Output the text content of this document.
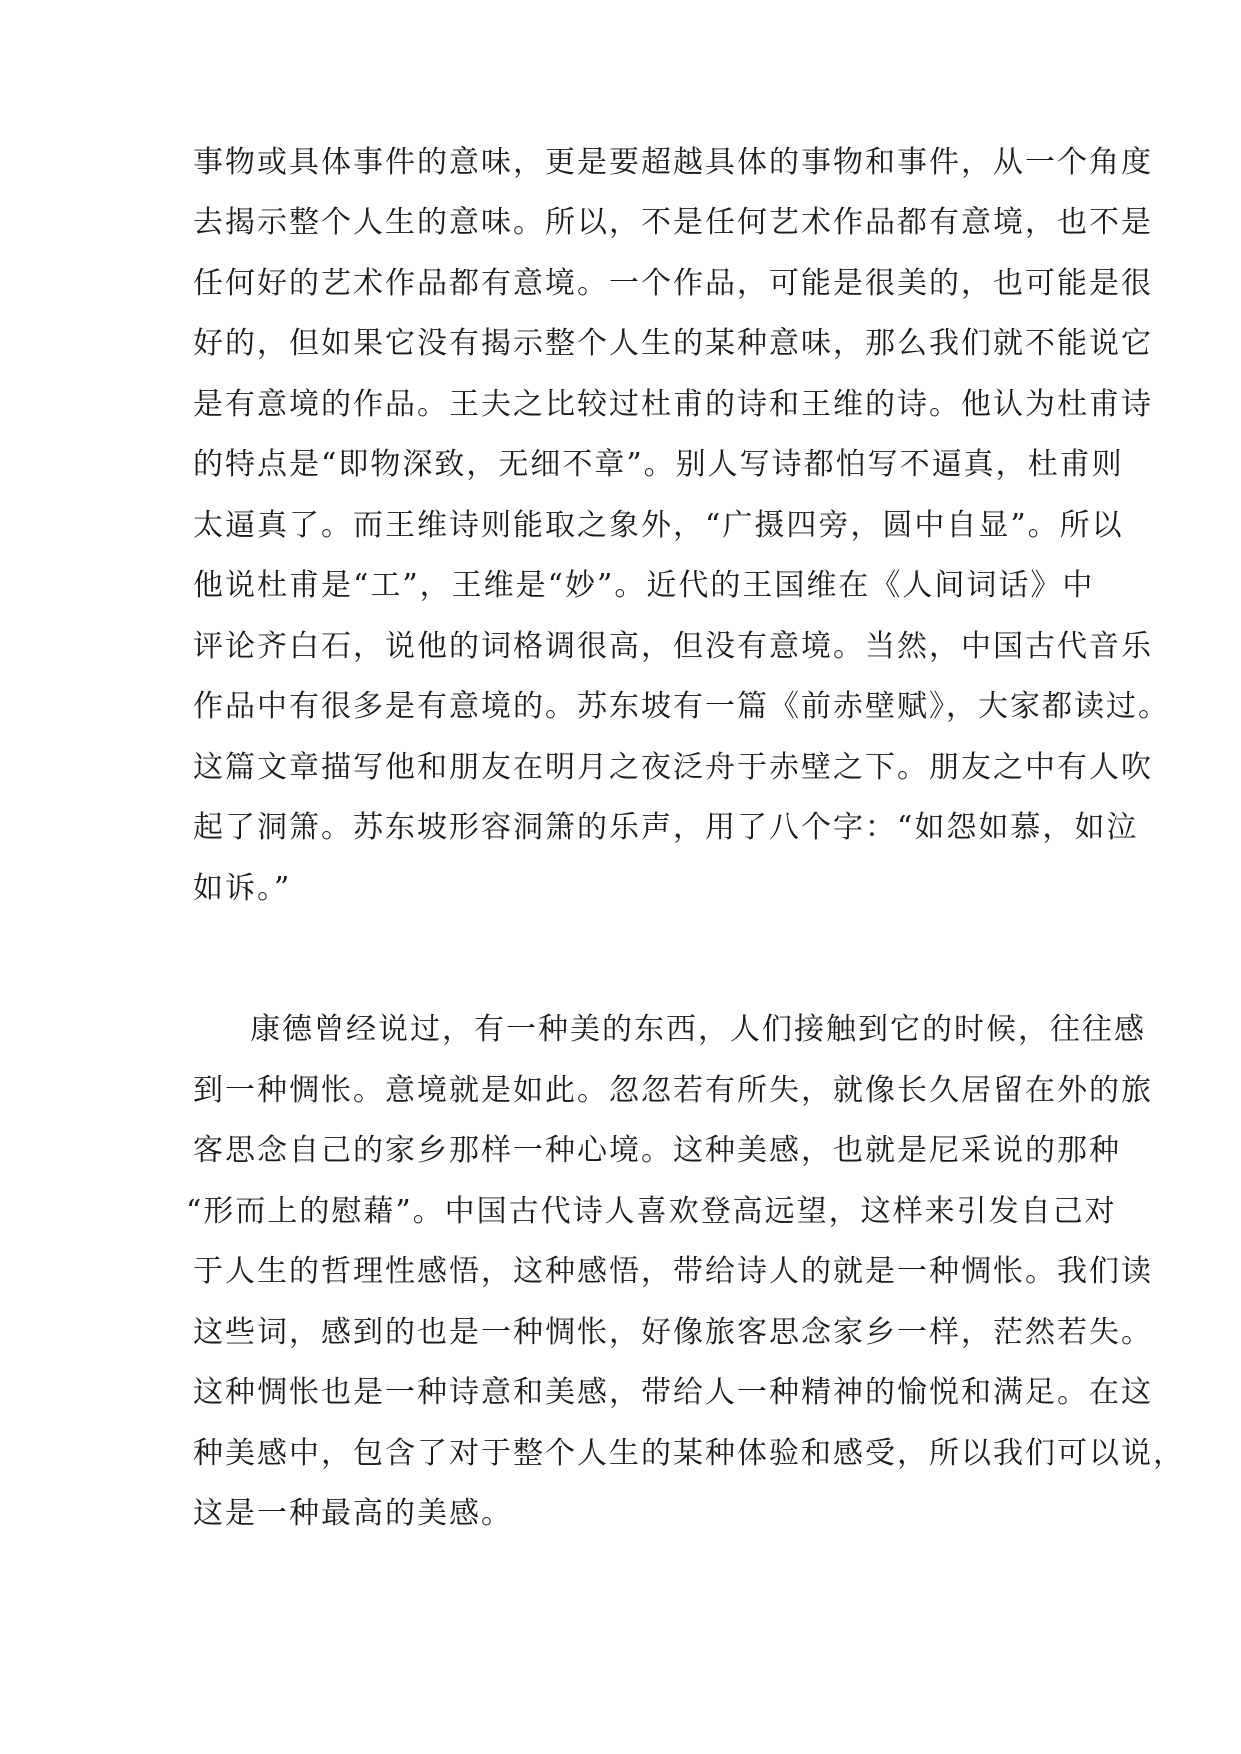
事物或具体事件的意味，更是要超越具体的事物和事件，从一个角度
去揭示整个人生的意味。所以，不是任何艺术作品都有意境，也不是
任何好的艺术作品都有意境。一个作品，可能是很美的，也可能是很
好的，但如果它没有揭示整个人生的某种意味，那么我们就不能说它
是有意境的作品。王夫之比较过杜甫的诗和王维的诗。他认为杜甫诗
的特点是“即物深致，无细不章”。别人写诗都怕写不逼真，杜甫则
太逼真了。而王维诗则能取之象外，“广摄四旁，圆中自显”。所以
他说杜甫是“工”，王维是“妙”。近代的王国维在《人间词话》中
评论齐白石，说他的词格调很高，但没有意境。当然，中国古代音乐
作品中有很多是有意境的。苏东坡有一篇《前赤壁赋》，大家都读过。
这篇文章描写他和朋友在明月之夜泛舟于赤壁之下。朋友之中有人吹
起了洞箫。苏东坡形容洞箫的乐声，用了八个字：“如怨如慕，如泣
如诉。”
康德曾经说过，有一种美的东西，人们接触到它的时候，往往感
到一种惆怅。意境就是如此。忽忽若有所失，就像长久居留在外的旅
客思念自己的家乡那样一种心境。这种美感，也就是尼采说的那种
“形而上的慰藉”。中国古代诗人喜欢登高远望，这样来引发自己对
于人生的哲理性感悟，这种感悟，带给诗人的就是一种惆怅。我们读
这些词，感到的也是一种惆怅，好像旅客思念家乡一样，茫然若失。
这种惆怅也是一种诗意和美感，带给人一种精神的愉悦和满足。在这
种美感中，包含了对于整个人生的某种体验和感受，所以我们可以说，
这是一种最高的美感。
